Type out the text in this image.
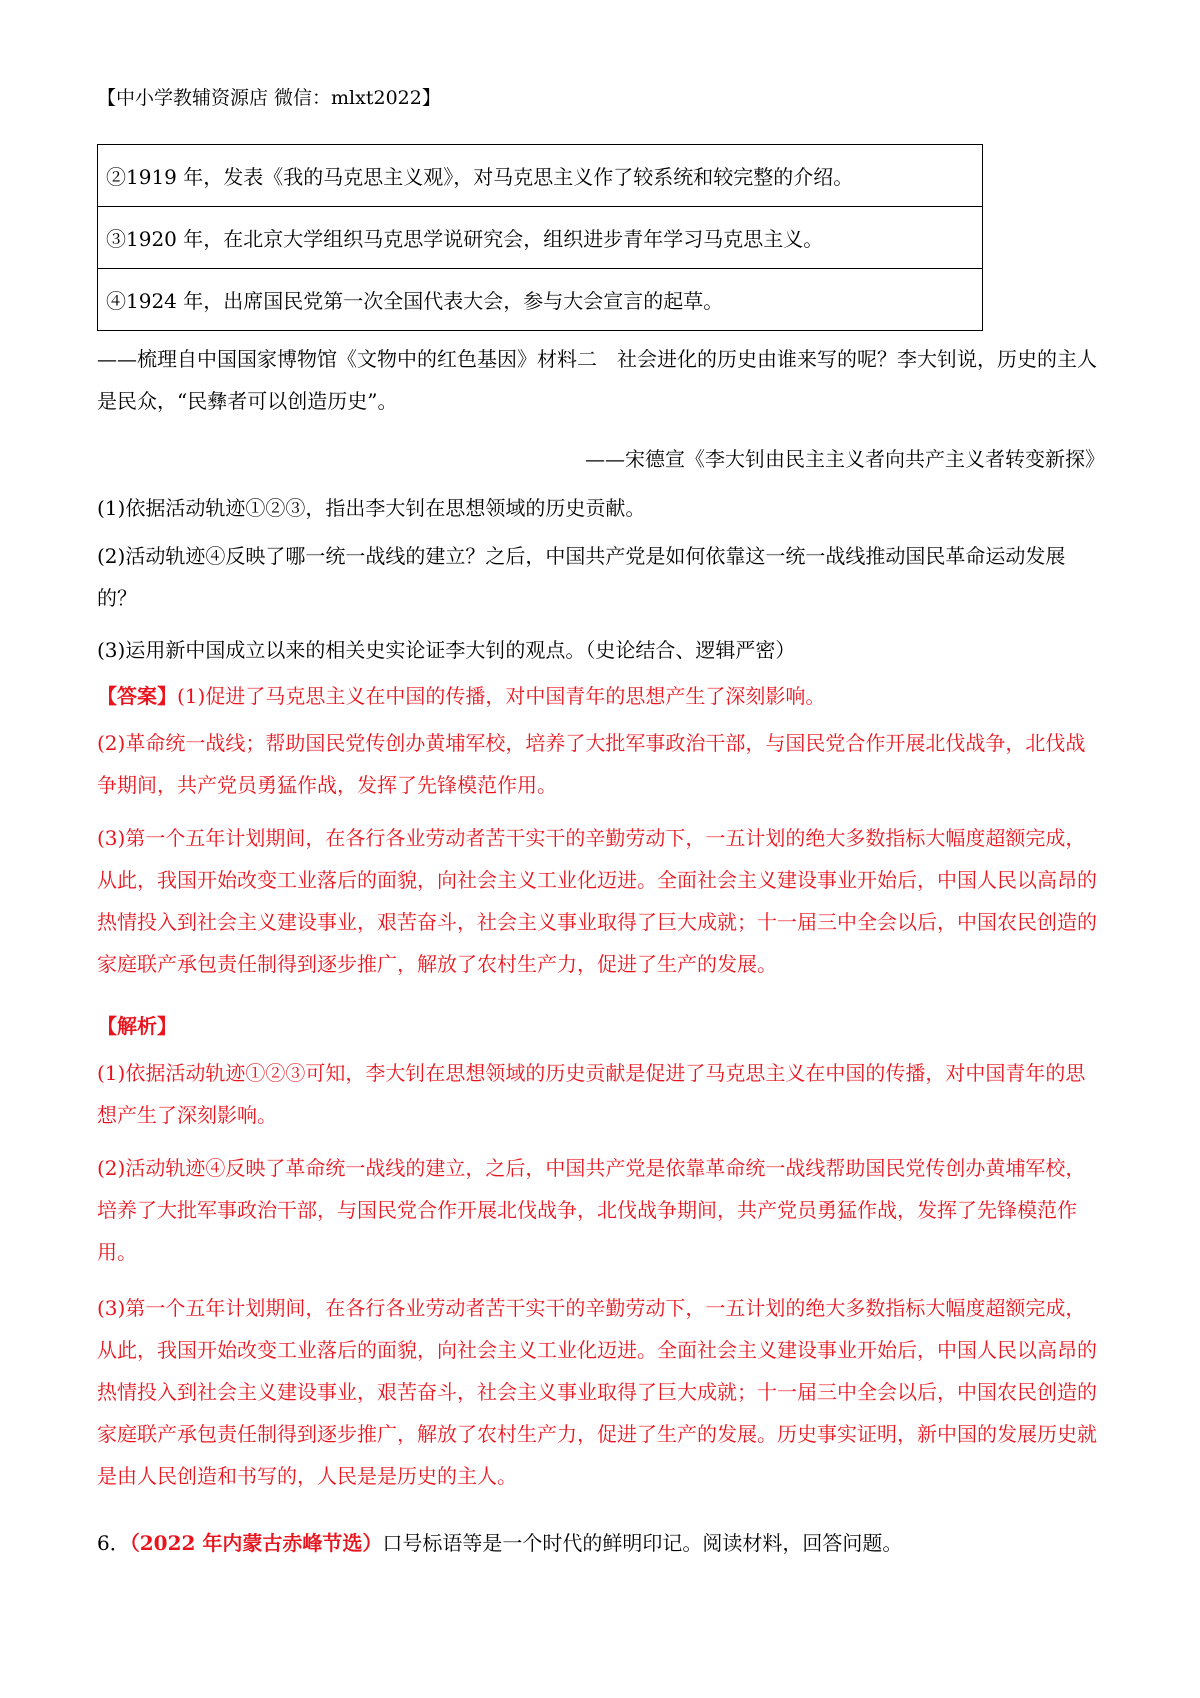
【中小学教辅资源店 微信：mlxt2022】
②1919 年，发表《我的马克思主义观》，对马克思主义作了较系统和较完整的介绍。
③1920 年，在北京大学组织马克思学说研究会，组织进步青年学习马克思主义。
④1924 年，出席国民党第一次全国代表大会，参与大会宣言的起草。

——梳理自中国国家博物馆《文物中的红色基因》材料二　社会进化的历史由谁来写的呢？李大钊说，历史的主人是民众，“民彝者可以创造历史”。

——宋德宣《李大钊由民主主义者向共产主义者转变新探》

(1)依据活动轨迹①②③，指出李大钊在思想领域的历史贡献。

(2)活动轨迹④反映了哪一统一战线的建立？之后，中国共产党是如何依靠这一统一战线推动国民革命运动发展的？

(3)运用新中国成立以来的相关史实论证李大钊的观点。（史论结合、逻辑严密）

【答案】(1)促进了马克思主义在中国的传播，对中国青年的思想产生了深刻影响。

(2)革命统一战线；帮助国民党传创办黄埔军校，培养了大批军事政治干部，与国民党合作开展北伐战争，北伐战争期间，共产党员勇猛作战，发挥了先锋模范作用。

(3)第一个五年计划期间，在各行各业劳动者苦干实干的辛勤劳动下，一五计划的绝大多数指标大幅度超额完成，从此，我国开始改变工业落后的面貌，向社会主义工业化迈进。全面社会主义建设事业开始后，中国人民以高昂的热情投入到社会主义建设事业，艰苦奋斗，社会主义事业取得了巨大成就；十一届三中全会以后，中国农民创造的家庭联产承包责任制得到逐步推广，解放了农村生产力，促进了生产的发展。

【解析】

(1)依据活动轨迹①②③可知，李大钊在思想领域的历史贡献是促进了马克思主义在中国的传播，对中国青年的思想产生了深刻影响。

(2)活动轨迹④反映了革命统一战线的建立，之后，中国共产党是依靠革命统一战线帮助国民党传创办黄埔军校，培养了大批军事政治干部，与国民党合作开展北伐战争，北伐战争期间，共产党员勇猛作战，发挥了先锋模范作用。

(3)第一个五年计划期间，在各行各业劳动者苦干实干的辛勤劳动下，一五计划的绝大多数指标大幅度超额完成，从此，我国开始改变工业落后的面貌，向社会主义工业化迈进。全面社会主义建设事业开始后，中国人民以高昂的热情投入到社会主义建设事业，艰苦奋斗，社会主义事业取得了巨大成就；十一届三中全会以后，中国农民创造的家庭联产承包责任制得到逐步推广，解放了农村生产力，促进了生产的发展。历史事实证明，新中国的发展历史就是由人民创造和书写的，人民是是历史的主人。

6．（2022 年内蒙古赤峰节选）口号标语等是一个时代的鲜明印记。阅读材料，回答问题。
